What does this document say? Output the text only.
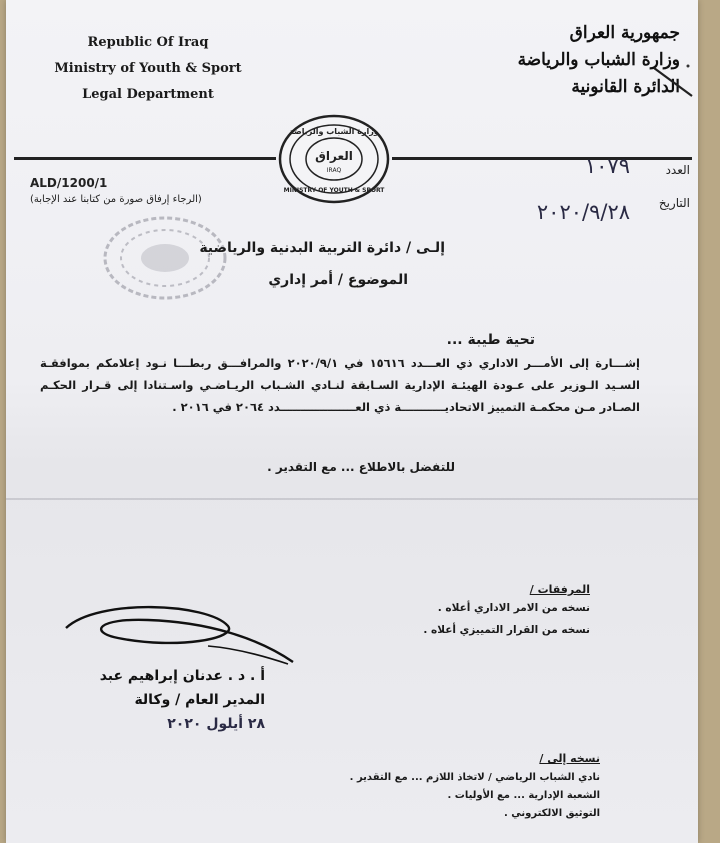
Republic Of Iraq
Ministry of Youth & Sport
Legal Department
جمهورية العراق
وزارة الشباب والرياضة
الدائرة القانونية
وزارة الشباب والرياضة
العراق
IRAQ
MINISTRY OF YOUTH & SPORT
ALD/1200/1
(الرجاء إرفاق صورة من كتابنا عند الإجابة)
العدد
١٠٧٩
التاريخ
٢٠٢٠/٩/٢٨
إلـى / دائرة التربية البدنية والرياضية
الموضوع / أمر إداري
تحية طيبة ...
إشـــارة إلى الأمـــر الاداري ذي العـــدد ١٥٦١٦ في ٢٠٢٠/٩/١ والمرافـــق ربطـــا نـود إعلامكم بموافقـة السـيد الـوزير على عـودة الهيئـة الإدارية السـابقة لنـادي الشـباب الريـاضـي واسـتنادا إلى قـرار الحكـم الصـادر مـن محكمـة التمييز الاتحاديـــــــــــة ذي العـــــــــــــــــــدد ٢٠٦٤ في ٢٠١٦ .
للتفضل بالاطلاع ... مع التقدير .
المرفقات /
نسخه من الامر الاداري أعلاه .
نسخه من القرار التمييزي أعلاه .
أ . د . عدنان إبراهيم عبد
المدير العام / وكالة
٢٨ أيلول ٢٠٢٠
نسخه إلى /
نادي الشباب الرياضي / لاتخاذ اللازم ... مع التقدير .
الشعبة الإدارية ... مع الأوليات .
التوثيق الالكتروني .
